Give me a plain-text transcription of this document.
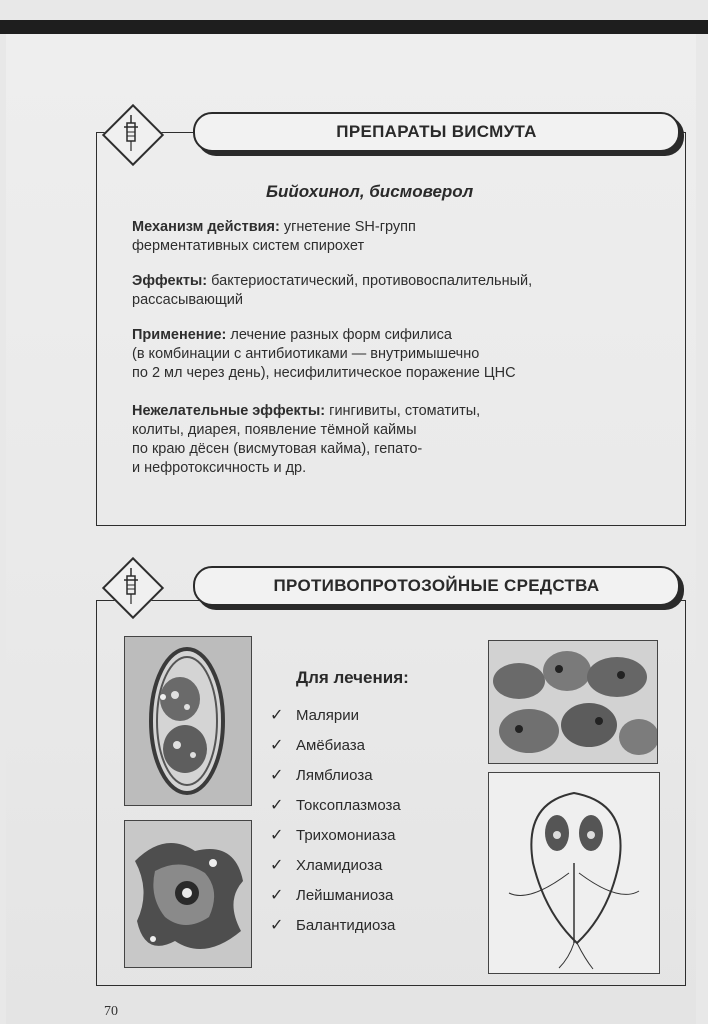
ПРЕПАРАТЫ ВИСМУТА
Бийохинол, бисмоверол
Механизм действия: угнетение SH-групп
ферментативных систем спирохет
Эффекты: бактериостатический, противовоспалительный,
рассасывающий
Применение: лечение разных форм сифилиса
(в комбинации с антибиотиками — внутримышечно
по 2 мл через день), несифилитическое поражение ЦНС
Нежелательные эффекты: гингивиты, стоматиты,
колиты, диарея, появление тёмной каймы
по краю дёсен (висмутовая кайма), гепато-
и нефротоксичность и др.
ПРОТИВОПРОТОЗОЙНЫЕ СРЕДСТВА
Для лечения:
✓ Малярии
✓ Амёбиаза
✓ Лямблиоза
✓ Токсоплазмоза
✓ Трихомониаза
✓ Хламидиоза
✓ Лейшманиоза
✓ Балантидиоза
70
